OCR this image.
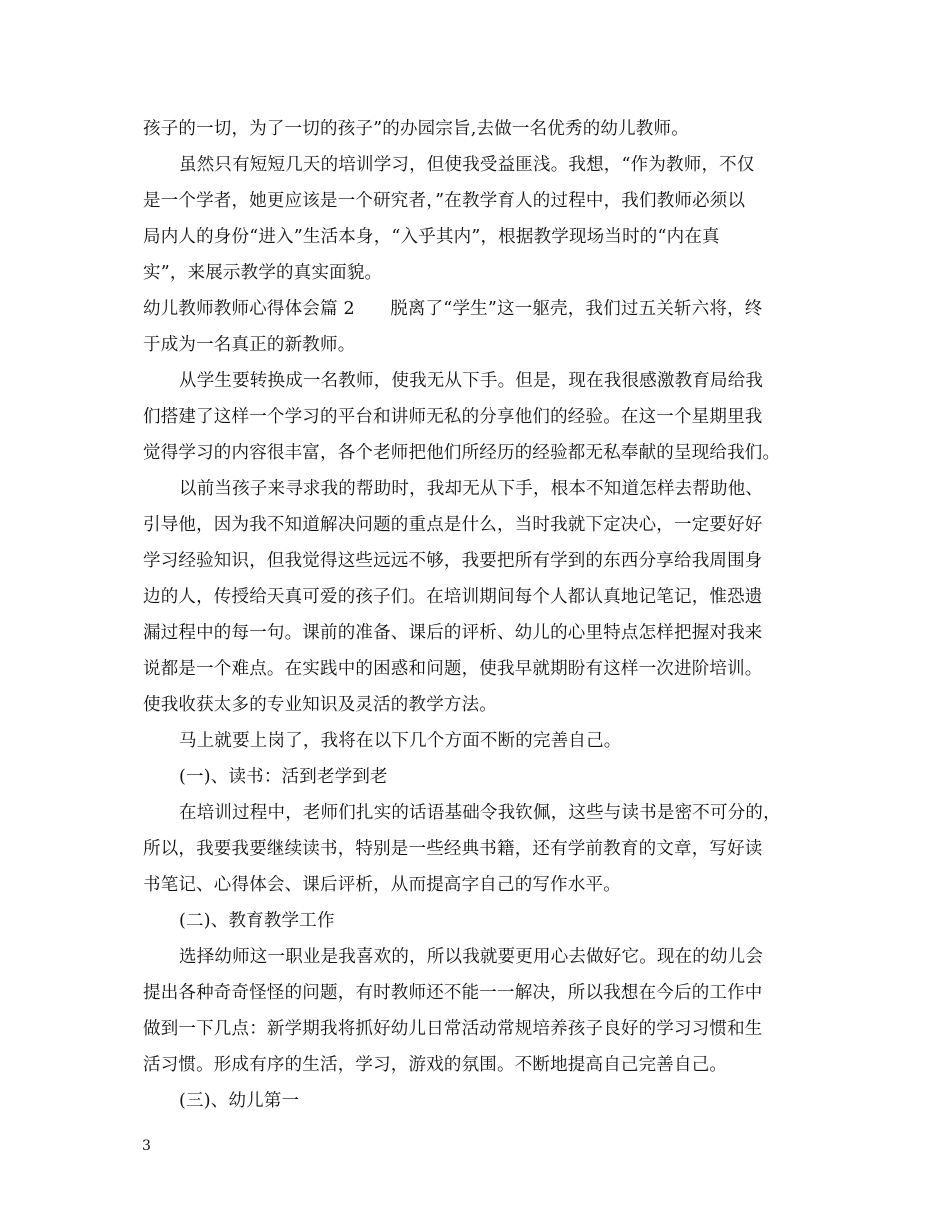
孩子的一切，为了一切的孩子”的办园宗旨,去做一名优秀的幼儿教师。
虽然只有短短几天的培训学习，但使我受益匪浅。我想，“作为教师，不仅
是一个学者，她更应该是一个研究者，”在教学育人的过程中，我们教师必须以
局内人的身份“进入”生活本身，“入乎其内”，根据教学现场当时的“内在真
实”，来展示教学的真实面貌。
幼儿教师教师心得体会篇 2　　脱离了“学生”这一躯壳，我们过五关斩六将，终
于成为一名真正的新教师。
从学生要转换成一名教师，使我无从下手。但是，现在我很感激教育局给我
们搭建了这样一个学习的平台和讲师无私的分享他们的经验。在这一个星期里我
觉得学习的内容很丰富，各个老师把他们所经历的经验都无私奉献的呈现给我们。
以前当孩子来寻求我的帮助时，我却无从下手，根本不知道怎样去帮助他、
引导他，因为我不知道解决问题的重点是什么，当时我就下定决心，一定要好好
学习经验知识，但我觉得这些远远不够，我要把所有学到的东西分享给我周围身
边的人，传授给天真可爱的孩子们。在培训期间每个人都认真地记笔记，惟恐遗
漏过程中的每一句。课前的准备、课后的评析、幼儿的心里特点怎样把握对我来
说都是一个难点。在实践中的困惑和问题，使我早就期盼有这样一次进阶培训。
使我收获太多的专业知识及灵活的教学方法。
马上就要上岗了，我将在以下几个方面不断的完善自己。
(一)、读书：活到老学到老
在培训过程中，老师们扎实的话语基础令我钦佩，这些与读书是密不可分的，
所以，我要我要继续读书，特别是一些经典书籍，还有学前教育的文章，写好读
书笔记、心得体会、课后评析，从而提高字自己的写作水平。
(二)、教育教学工作
选择幼师这一职业是我喜欢的，所以我就要更用心去做好它。现在的幼儿会
提出各种奇奇怪怪的问题，有时教师还不能一一解决，所以我想在今后的工作中
做到一下几点：新学期我将抓好幼儿日常活动常规培养孩子良好的学习习惯和生
活习惯。形成有序的生活，学习，游戏的氛围。不断地提高自己完善自己。
(三)、幼儿第一
3
